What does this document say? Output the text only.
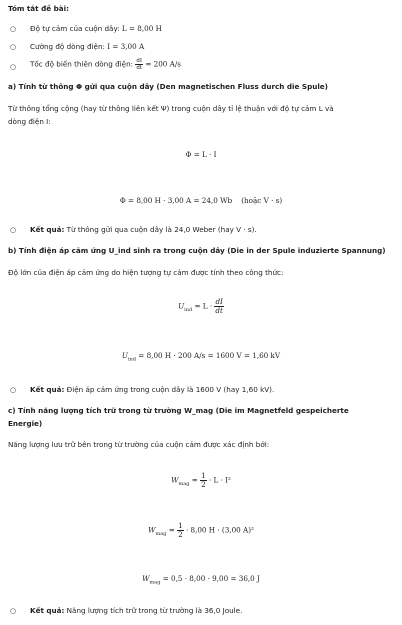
Tóm tắt đề bài:
○ Độ tự cảm của cuộn dây: L = 8,00 H
○ Cường độ dòng điện: I = 3,00 A
○ Tốc độ biến thiên dòng điện: $\frac{dI}{dt} = 200$ A/s
a) Tính từ thông Φ gửi qua cuộn dây (Den magnetischen Fluss durch die Spule)
Từ thông tổng cộng (hay từ thông liên kết Ψ) trong cuộn dây tỉ lệ thuận với độ tự cảm L và
dòng điện I:
Φ = L · I
Φ = 8,00 H · 3,00 A = 24,0 Wb (hoặc V · s)
○ Kết quả: Từ thông gửi qua cuộn dây là 24,0 Weber (hay V · s).
b) Tính điện áp cảm ứng U_ind sinh ra trong cuộn dây (Die in der Spule induzierte Spannung)
Độ lớn của điện áp cảm ứng do hiện tượng tự cảm được tính theo công thức:
$U_{ind} = L \cdot \frac{dI}{dt}$
$U_{ind} = 8,00$ H · 200 A/s = 1600 V = 1,60 kV
○ Kết quả: Điện áp cảm ứng trong cuộn dây là 1600 V (hay 1,60 kV).
c) Tính năng lượng tích trữ trong từ trường W_mag (Die im Magnetfeld gespeicherte
Energie)
Năng lượng lưu trữ bên trong từ trường của cuộn cảm được xác định bởi:
$W_{mag} = \frac{1}{2} \cdot L \cdot I^2$
$W_{mag} = \frac{1}{2} \cdot 8,00$ H · (3,00 A)²
$W_{mag} = 0,5 \cdot 8,00 \cdot 9,00 = 36,0$ J
○ Kết quả: Năng lượng tích trữ trong từ trường là 36,0 Joule.
